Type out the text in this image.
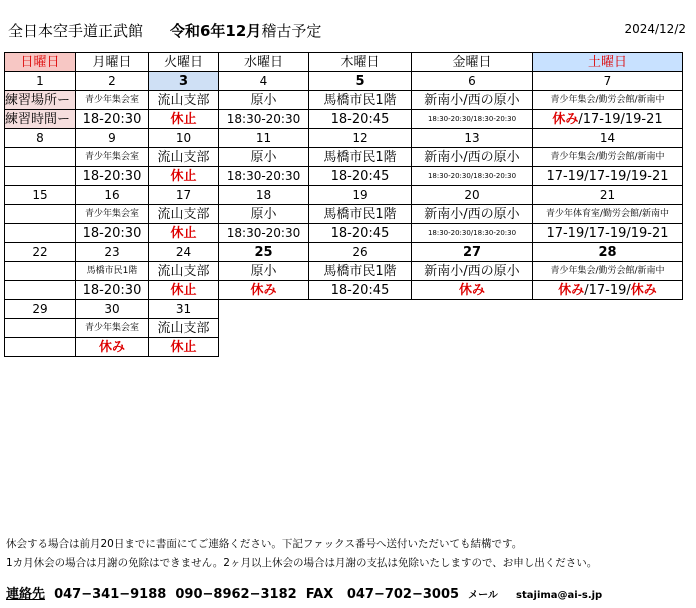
全日本空手道正武館 令和6年12月稽古予定	2024/12/2
日曜日	月曜日	火曜日	水曜日	木曜日	金曜日	土曜日
1	2	3	4	5	6	7
練習場所ー	青少年集会室	流山支部	原小	馬橋市民1階	新南小/西の原小	青少年集会/勤労会館/新南中
練習時間ー	18-20:30	休止	18:30-20:30	18-20:45	18:30-20:30/18:30-20:30	休み/17-19/19-21
8	9	10	11	12	13	14
	青少年集会室	流山支部	原小	馬橋市民1階	新南小/西の原小	青少年集会/勤労会館/新南中
	18-20:30	休止	18:30-20:30	18-20:45	18:30-20:30/18:30-20:30	17-19/17-19/19-21
15	16	17	18	19	20	21
	青少年集会室	流山支部	原小	馬橋市民1階	新南小/西の原小	青少年体育室/勤労会館/新南中
	18-20:30	休止	18:30-20:30	18-20:45	18:30-20:30/18:30-20:30	17-19/17-19/19-21
22	23	24	25	26	27	28
	馬橋市民1階	流山支部	原小	馬橋市民1階	新南小/西の原小	青少年集会/勤労会館/新南中
	18-20:30	休止	休み	18-20:45	休み	休み/17-19/休み
29	30	31				
	青少年集会室	流山支部				
	休み	休止				
休会する場合は前月20日までに書面にてご連絡ください。下記ファックス番号へ送付いただいても結構です。
1カ月休会の場合は月謝の免除はできません。2ヶ月以上休会の場合は月謝の支払は免除いたしますので、お申し出ください。
連絡先 047−341−9188 090−8962−3182 FAX 047−702−3005 メール stajima@ai-s.jp
